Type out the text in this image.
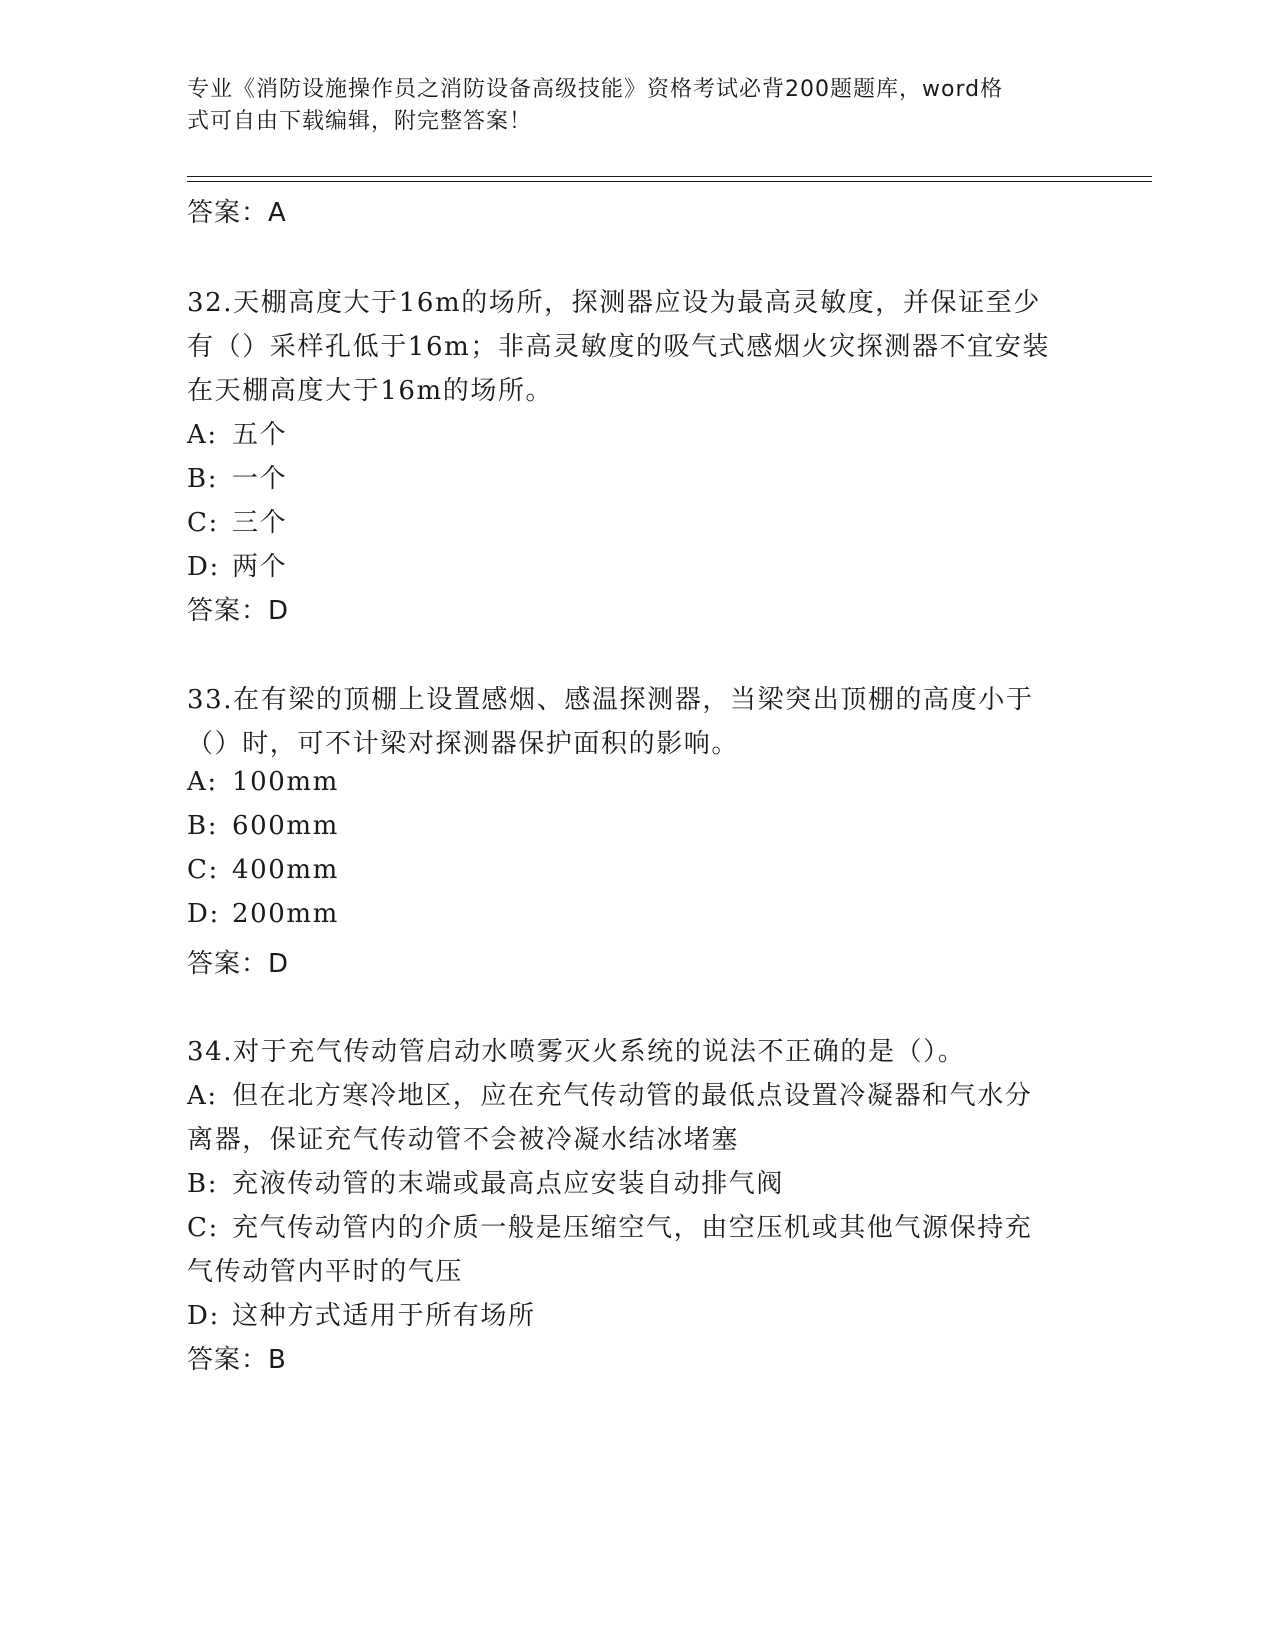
专业《消防设施操作员之消防设备高级技能》资格考试必背200题题库，word格
式可自由下载编辑，附完整答案！
答案：A
32.天棚高度大于16m的场所，探测器应设为最高灵敏度，并保证至少
有（）采样孔低于16m；非高灵敏度的吸气式感烟火灾探测器不宜安装
在天棚高度大于16m的场所。
A: 五个
B: 一个
C: 三个
D: 两个
答案：D
33.在有梁的顶棚上设置感烟、感温探测器，当梁突出顶棚的高度小于
（）时，可不计梁对探测器保护面积的影响。
A: 100mm
B: 600mm
C: 400mm
D: 200mm
答案：D
34.对于充气传动管启动水喷雾灭火系统的说法不正确的是（）。
A: 但在北方寒冷地区，应在充气传动管的最低点设置冷凝器和气水分
离器，保证充气传动管不会被冷凝水结冰堵塞
B: 充液传动管的末端或最高点应安装自动排气阀
C: 充气传动管内的介质一般是压缩空气，由空压机或其他气源保持充
气传动管内平时的气压
D: 这种方式适用于所有场所
答案：B
